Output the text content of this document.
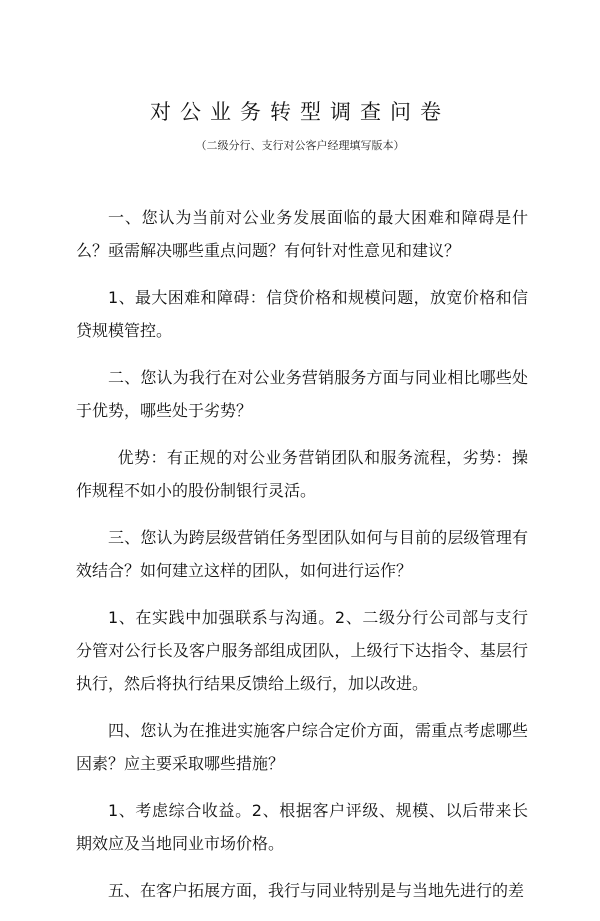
对公业务转型调查问卷
（二级分行、支行对公客户经理填写版本）

一、您认为当前对公业务发展面临的最大困难和障碍是什么？亟需解决哪些重点问题？有何针对性意见和建议？

1、最大困难和障碍：信贷价格和规模问题，放宽价格和信贷规模管控。

二、您认为我行在对公业务营销服务方面与同业相比哪些处于优势，哪些处于劣势？

优势：有正规的对公业务营销团队和服务流程，劣势：操作规程不如小的股份制银行灵活。

三、您认为跨层级营销任务型团队如何与目前的层级管理有效结合？如何建立这样的团队，如何进行运作？

1、在实践中加强联系与沟通。2、二级分行公司部与支行分管对公行长及客户服务部组成团队，上级行下达指令、基层行执行，然后将执行结果反馈给上级行，加以改进。

四、您认为在推进实施客户综合定价方面，需重点考虑哪些因素？应主要采取哪些措施？

1、考虑综合收益。2、根据客户评级、规模、以后带来长期效应及当地同业市场价格。

五、在客户拓展方面，我行与同业特别是与当地先进行的差
